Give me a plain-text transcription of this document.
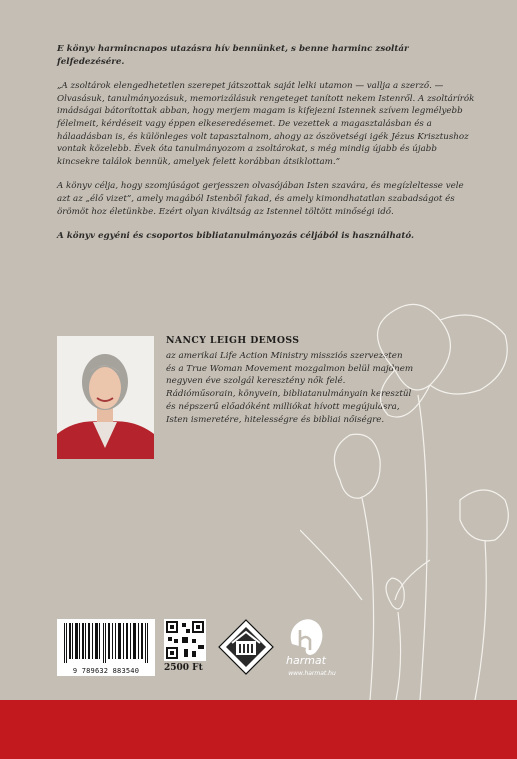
E könyv harmincnapos utazásra hív bennünket, s benne harminc zsoltár felfedezésére.

„A zsoltárok elengedhetetlen szerepet játszottak saját lelki utamon — vallja a szerző. — Olvasásuk, tanulmányozásuk, memorizálásuk rengeteget tanított nekem Istenről. A zsoltárírók imádságai bátorítottak abban, hogy merjem magam is kifejezni Istennek szívem legmélyebb félelmeit, kérdéseit vagy éppen elkeseredésemet. De vezettek a magasztalásban és a hálaadásban is, és különleges volt tapasztalnom, ahogy az ószövetségi igék Jézus Krisztushoz vontak közelebb. Évek óta tanulmányozom a zsoltárokat, s még mindig újabb és újabb kincsekre találok bennük, amelyek felett korábban átsiklottam.”

A könyv célja, hogy szomjúságot gerjesszen olvasójában Isten szavára, és megízleltesse vele azt az „élő vizet”, amely magából Istenből fakad, és amely kimondhatatlan szabadságot és örömöt hoz életünkbe. Ezért olyan kiváltság az Istennel töltött minőségi idő.

A könyv egyéni és csoportos bibliatanulmányozás céljából is használható.

NANCY LEIGH DEMOSS
az amerikai Life Action Ministry missziós szervezeten és a True Woman Movement mozgalmon belül majdnem negyven éve szolgál keresztény nők felé. Rádióműsorain, könyvein, bibliatanulmányain keresztül és népszerű előadóként milliókat hívott megújulásra, Isten ismeretére, hitelességre és bibliai nőiségre.
9 789632 883540	2500 Ft
harmat
www.harmat.hu
